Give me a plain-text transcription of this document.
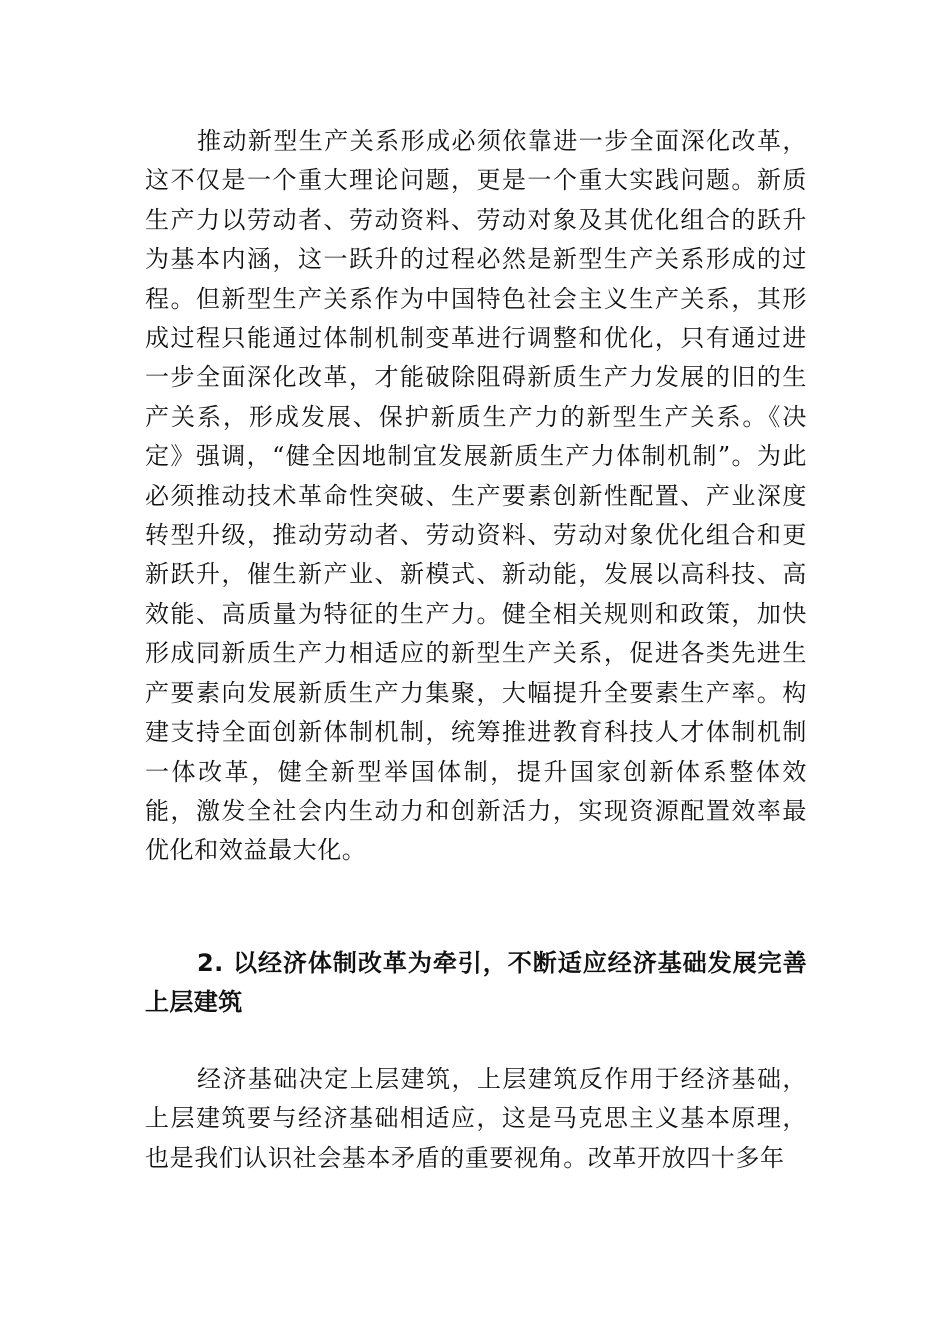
推动新型生产关系形成必须依靠进一步全面深化改革，这不仅是一个重大理论问题，更是一个重大实践问题。新质生产力以劳动者、劳动资料、劳动对象及其优化组合的跃升为基本内涵，这一跃升的过程必然是新型生产关系形成的过程。但新型生产关系作为中国特色社会主义生产关系，其形成过程只能通过体制机制变革进行调整和优化，只有通过进一步全面深化改革，才能破除阻碍新质生产力发展的旧的生产关系，形成发展、保护新质生产力的新型生产关系。《决定》强调，“健全因地制宜发展新质生产力体制机制”。为此必须推动技术革命性突破、生产要素创新性配置、产业深度转型升级，推动劳动者、劳动资料、劳动对象优化组合和更新跃升，催生新产业、新模式、新动能，发展以高科技、高效能、高质量为特征的生产力。健全相关规则和政策，加快形成同新质生产力相适应的新型生产关系，促进各类先进生产要素向发展新质生产力集聚，大幅提升全要素生产率。构建支持全面创新体制机制，统筹推进教育科技人才体制机制一体改革，健全新型举国体制，提升国家创新体系整体效能，激发全社会内生动力和创新活力，实现资源配置效率最优化和效益最大化。

2. 以经济体制改革为牵引，不断适应经济基础发展完善上层建筑

经济基础决定上层建筑，上层建筑反作用于经济基础，上层建筑要与经济基础相适应，这是马克思主义基本原理，也是我们认识社会基本矛盾的重要视角。改革开放四十多年
